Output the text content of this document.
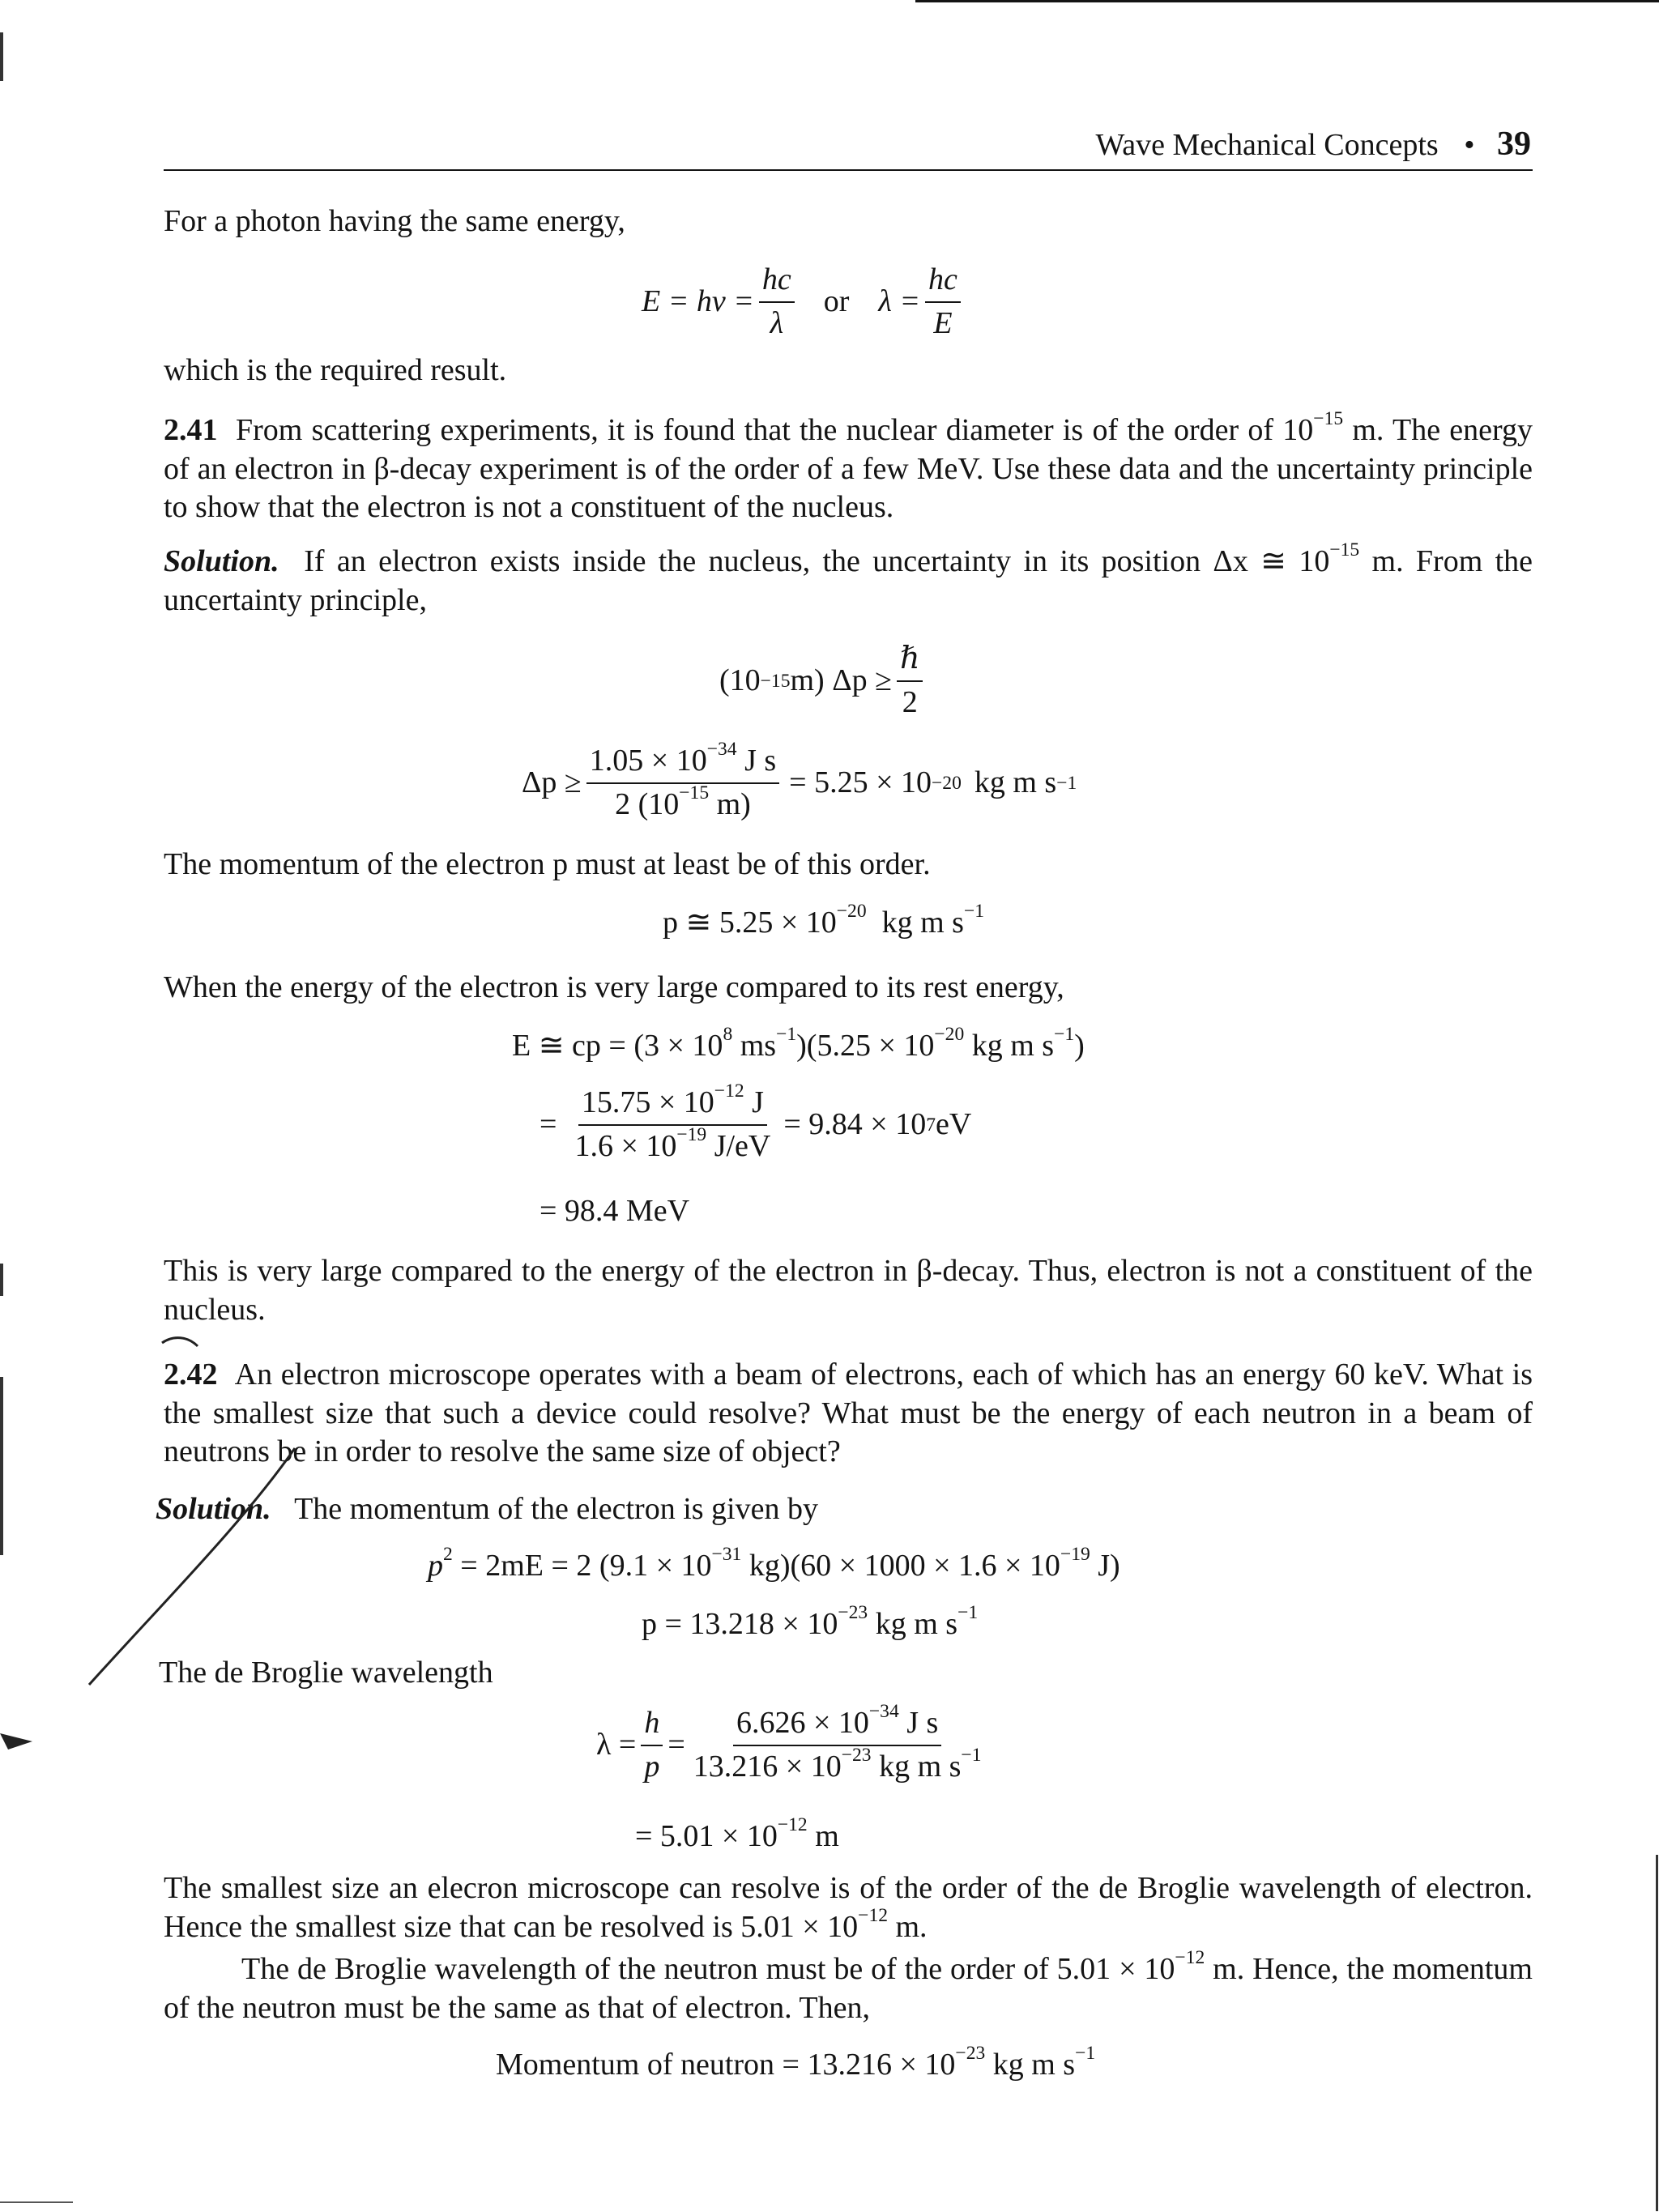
Wave Mechanical Concepts • 39
For a photon having the same energy,
$E = h\nu = \frac{hc}{\lambda}$ or $\lambda = \frac{hc}{E}$
which is the required result.

2.41 From scattering experiments, it is found that the nuclear diameter is of the order of $10^{-15}$ m. The energy of an electron in β-decay experiment is of the order of a few MeV. Use these data and the uncertainty principle to show that the electron is not a constituent of the nucleus.

Solution. If an electron exists inside the nucleus, the uncertainty in its position Δx ≅ $10^{-15}$ m. From the uncertainty principle,

(10 −15 m) $\Delta p \ge \frac{\text{ℏ}}{2}$
$\Delta p \ge \frac{1.05 \times 10^{-34} J s}{2 (10^{-15} m)} = 5.25 \times 10 -20$ kg m s −1
The momentum of the electron p must at least be of this order.
p ≅ $5.25 \times 10^{-20}$ kg m $s^{-1}$
When the energy of the electron is very large compared to its rest energy,
E ≅ cp = ($3 \times 10^8$ $ms^{-1})(5.25 \times 10^{-20}$ kg m $s^{-1}$)
= $\frac{15.75 \times 10^{-12} J}{1.6 \times 10^{-19} J/eV} = 9.84 \times 10$ 7 eV
= 98.4 MeV

This is very large compared to the energy of the electron in β-decay. Thus, electron is not a constituent of the nucleus.

2.42 An electron microscope operates with a beam of electrons, each of which has an energy 60 keV. What is the smallest size that such a device could resolve? What must be the energy of each neutron in a beam of neutrons be in order to resolve the same size of object?

Solution. The momentum of the electron is given by
$p^2 = 2mE = 2$ ($9.1 \times 10^{-31}$ $kg)(60 \times 1000 \times 1.6 \times 10^{-19}$ J)
$p = 13.218 \times 10^{-23}$ kg m $s^{-1}$
The de Broglie wavelength
$\lambda = \frac{h}{p} = \frac{6.626 \times 10^{-34} J s}{13.216 \times 10^{-23} kg m s^{-1}}$
= $5.01 \times 10^{-12}$ m

The smallest size an elecron microscope can resolve is of the order of the de Broglie wavelength of electron. Hence the smallest size that can be resolved is $5.01 \times 10^{-12}$ m.

The de Broglie wavelength of the neutron must be of the order of $5.01 \times 10^{-12}$ m. Hence, the momentum of the neutron must be the same as that of electron. Then,

Momentum of neutron = $13.216 \times 10^{-23}$ kg m $s^{-1}$
